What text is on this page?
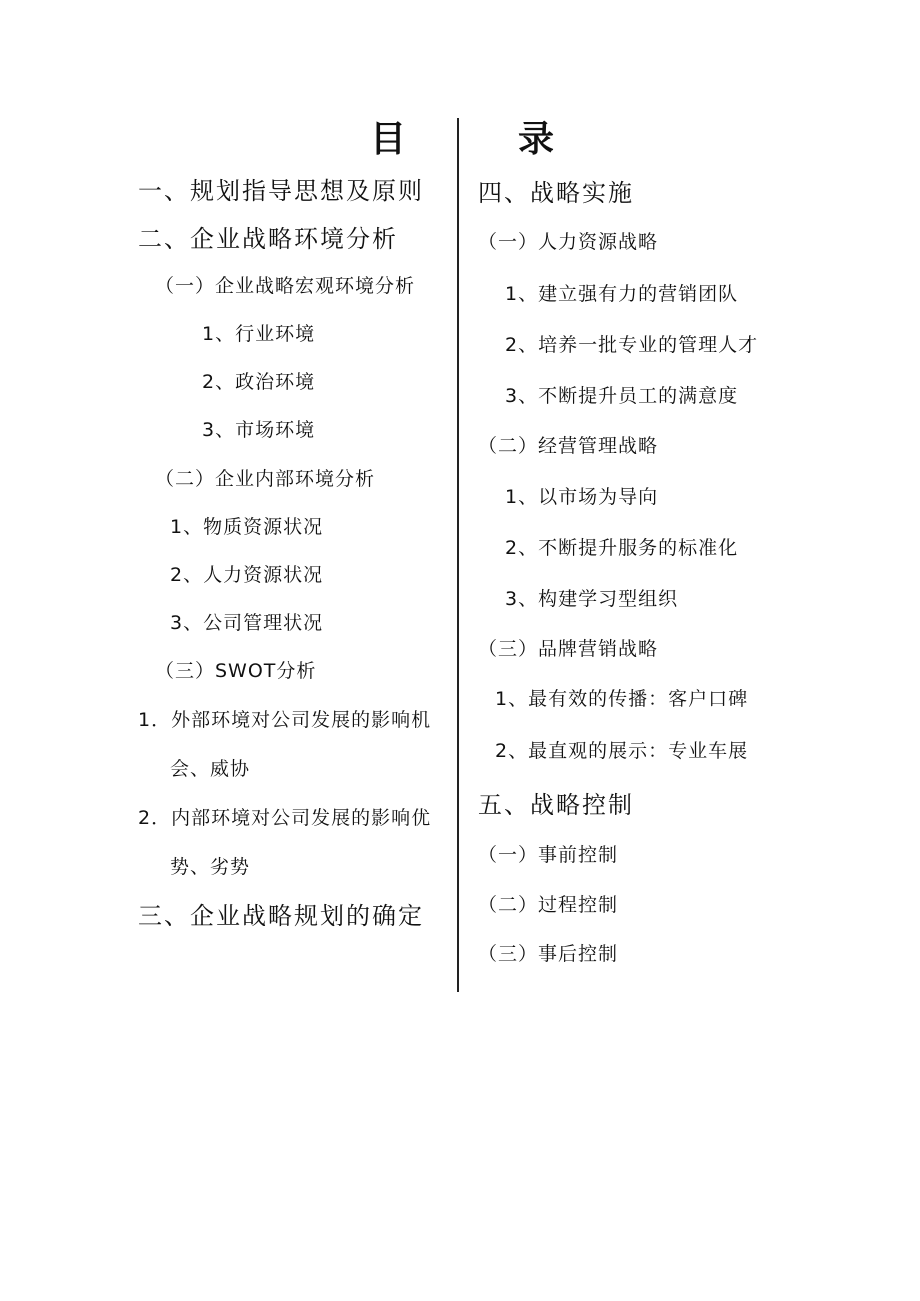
目	录
一、规划指导思想及原则
二、企业战略环境分析
（一）企业战略宏观环境分析
1、行业环境
2、政治环境
3、市场环境
（二）企业内部环境分析
1、物质资源状况
2、人力资源状况
3、公司管理状况
（三）SWOT分析
1．外部环境对公司发展的影响机
会、威协
2．内部环境对公司发展的影响优
势、劣势
三、企业战略规划的确定
四、战略实施
（一）人力资源战略
1、建立强有力的营销团队
2、培养一批专业的管理人才
3、不断提升员工的满意度
（二）经营管理战略
1、以市场为导向
2、不断提升服务的标准化
3、构建学习型组织
（三）品牌营销战略
1、最有效的传播：客户口碑
2、最直观的展示：专业车展
五、战略控制
（一）事前控制
（二）过程控制
（三）事后控制
